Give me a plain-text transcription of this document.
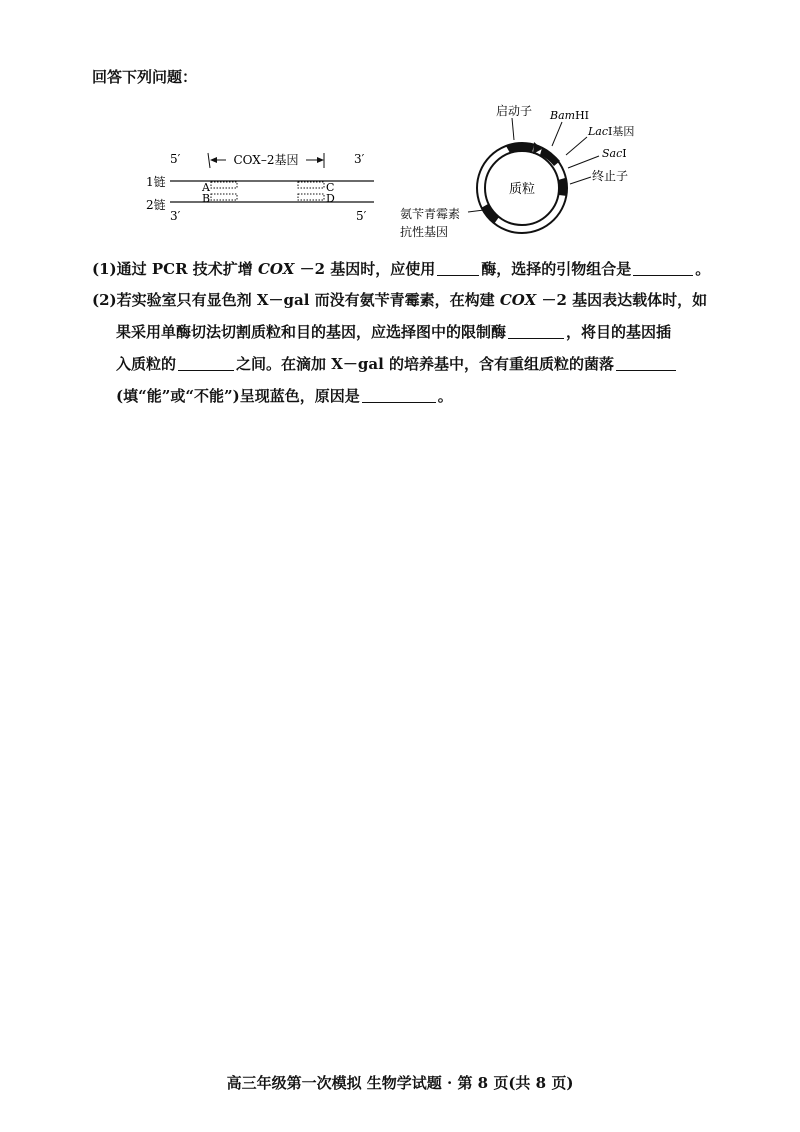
回答下列问题：
COX–2基因
5′	3′
1链
2链
3′	5′
A
B
C
D
质粒
启动子 BamHⅠ
LacⅠ基因
SacⅠ
终止子
氨苄青霉素
抗性基因
(1)通过 PCR 技术扩增 COX －2 基因时，应使用	酶，选择的引物组合是	。
(2)若实验室只有显色剂 X－gal 而没有氨苄青霉素，在构建 COX －2 基因表达载体时，如
果采用单酶切法切割质粒和目的基因，应选择图中的限制酶	，将目的基因插
入质粒的	之间。在滴加 X－gal 的培养基中，含有重组质粒的菌落
(填“能”或“不能”)呈现蓝色，原因是	。
高三年级第一次模拟 生物学试题 · 第 8 页(共 8 页)
